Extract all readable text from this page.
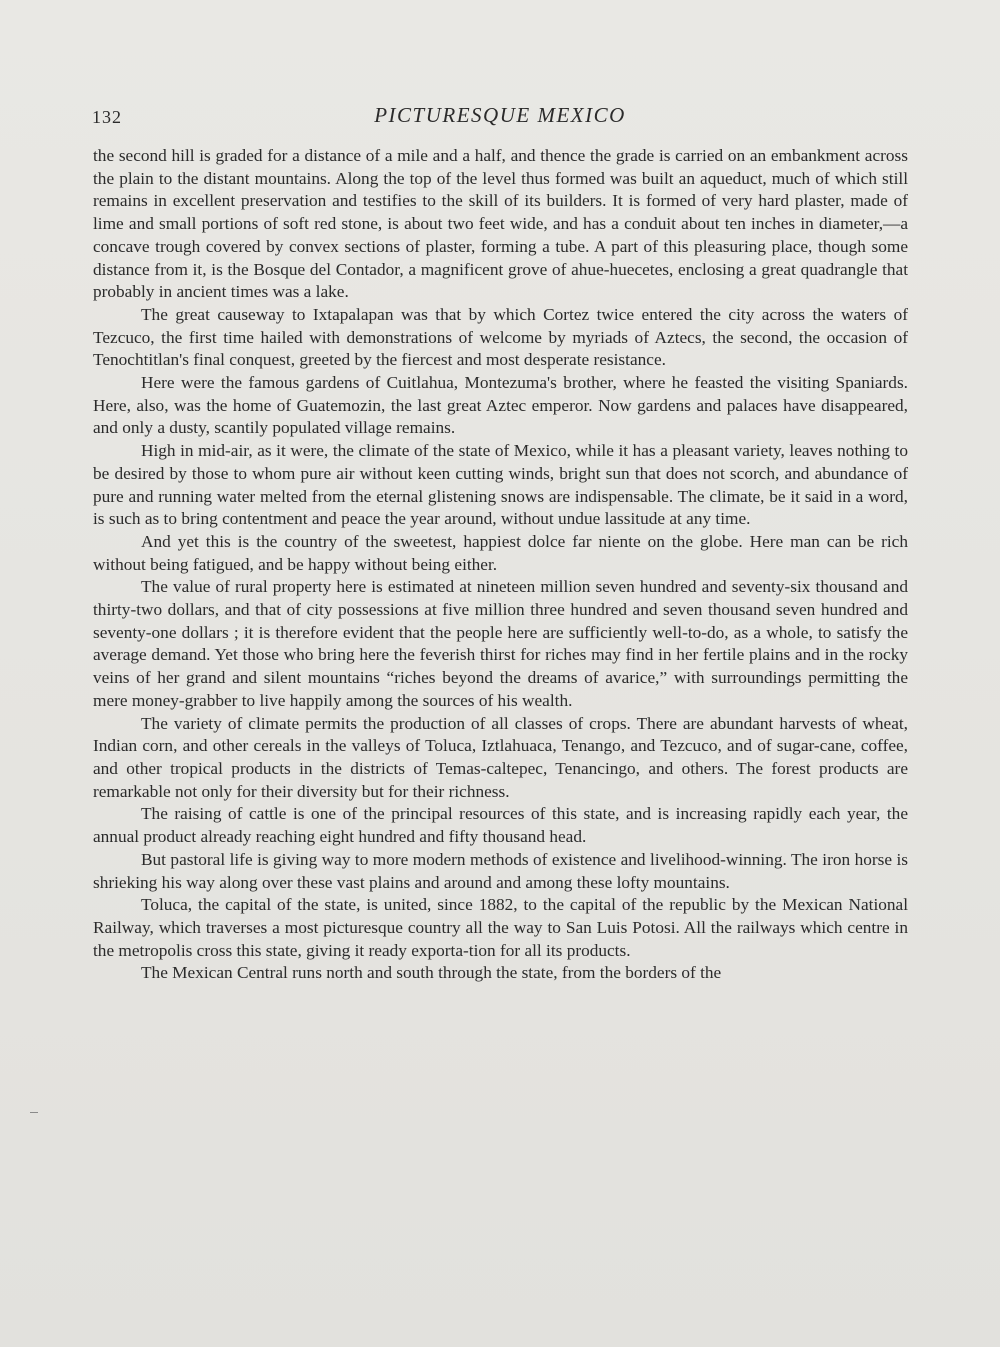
132	PICTURESQUE MEXICO

the second hill is graded for a distance of a mile and a half, and thence the grade is carried on an embankment across the plain to the distant mountains. Along the top of the level thus formed was built an aqueduct, much of which still remains in excellent preservation and testifies to the skill of its builders. It is formed of very hard plaster, made of lime and small portions of soft red stone, is about two feet wide, and has a conduit about ten inches in diameter,—a concave trough covered by convex sections of plaster, forming a tube. A part of this pleasuring place, though some distance from it, is the Bosque del Contador, a magnificent grove of ahue-huecetes, enclosing a great quadrangle that probably in ancient times was a lake.

The great causeway to Ixtapalapan was that by which Cortez twice entered the city across the waters of Tezcuco, the first time hailed with demonstrations of welcome by myriads of Aztecs, the second, the occasion of Tenochtitlan's final conquest, greeted by the fiercest and most desperate resistance.

Here were the famous gardens of Cuitlahua, Montezuma's brother, where he feasted the visiting Spaniards. Here, also, was the home of Guatemozin, the last great Aztec emperor. Now gardens and palaces have disappeared, and only a dusty, scantily populated village remains.

High in mid-air, as it were, the climate of the state of Mexico, while it has a pleasant variety, leaves nothing to be desired by those to whom pure air without keen cutting winds, bright sun that does not scorch, and abundance of pure and running water melted from the eternal glistening snows are indispensable. The climate, be it said in a word, is such as to bring contentment and peace the year around, without undue lassitude at any time.

And yet this is the country of the sweetest, happiest dolce far niente on the globe. Here man can be rich without being fatigued, and be happy without being either.

The value of rural property here is estimated at nineteen million seven hundred and seventy-six thousand and thirty-two dollars, and that of city possessions at five million three hundred and seven thousand seven hundred and seventy-one dollars ; it is therefore evident that the people here are sufficiently well-to-do, as a whole, to satisfy the average demand. Yet those who bring here the feverish thirst for riches may find in her fertile plains and in the rocky veins of her grand and silent mountains “riches beyond the dreams of avarice,” with surroundings permitting the mere money-grabber to live happily among the sources of his wealth.

The variety of climate permits the production of all classes of crops. There are abundant harvests of wheat, Indian corn, and other cereals in the valleys of Toluca, Iztlahuaca, Tenango, and Tezcuco, and of sugar-cane, coffee, and other tropical products in the districts of Temas-caltepec, Tenancingo, and others. The forest products are remarkable not only for their diversity but for their richness.

The raising of cattle is one of the principal resources of this state, and is increasing rapidly each year, the annual product already reaching eight hundred and fifty thousand head.

But pastoral life is giving way to more modern methods of existence and livelihood-winning. The iron horse is shrieking his way along over these vast plains and around and among these lofty mountains.

Toluca, the capital of the state, is united, since 1882, to the capital of the republic by the Mexican National Railway, which traverses a most picturesque country all the way to San Luis Potosi. All the railways which centre in the metropolis cross this state, giving it ready exporta-tion for all its products.

The Mexican Central runs north and south through the state, from the borders of the
